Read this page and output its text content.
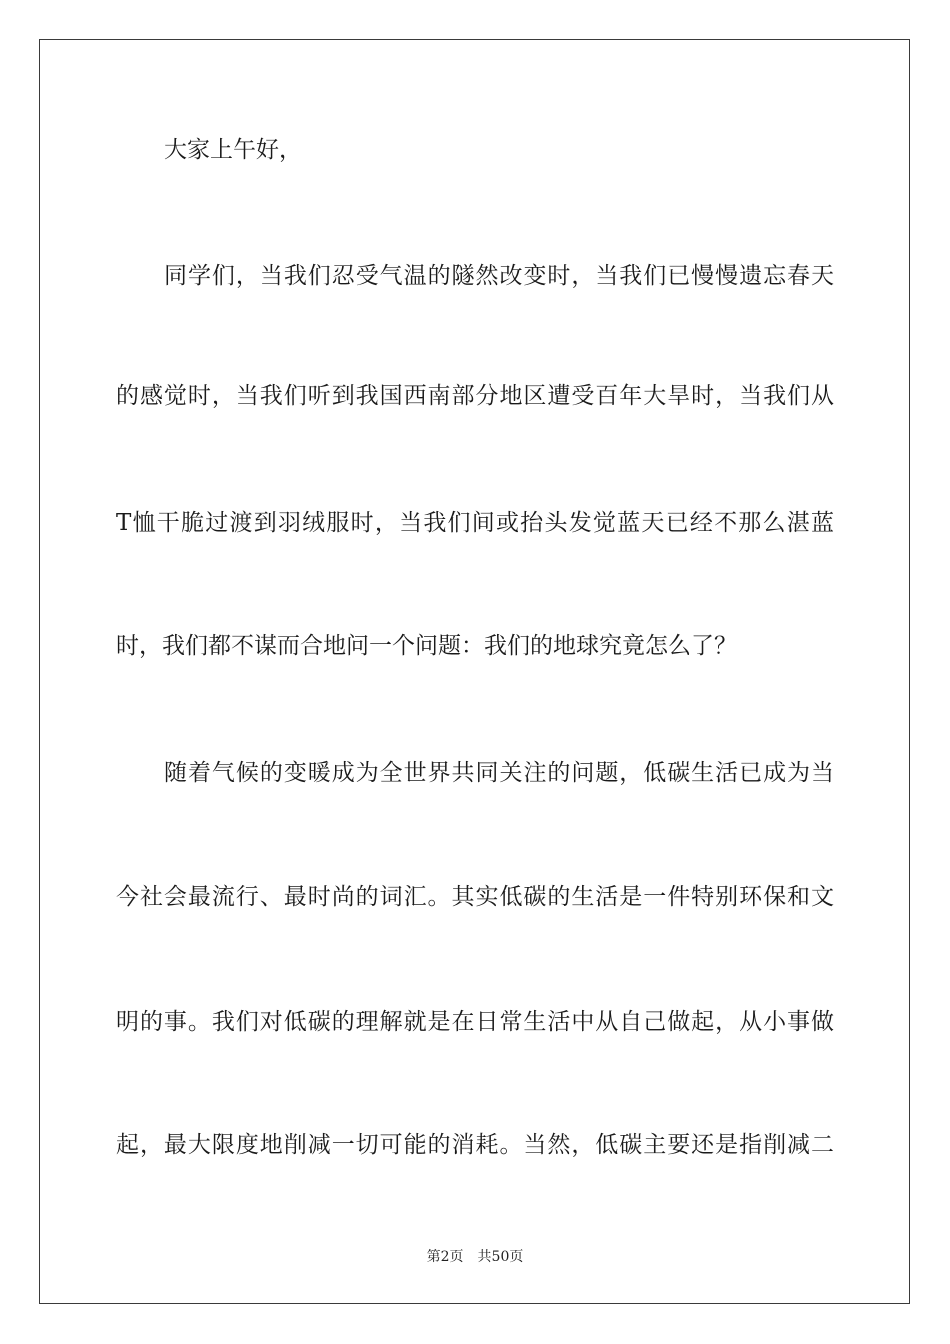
大家上午好，
同学们，当我们忍受气温的隧然改变时，当我们已慢慢遗忘春天
的感觉时，当我们听到我国西南部分地区遭受百年大旱时，当我们从
T恤干脆过渡到羽绒服时，当我们间或抬头发觉蓝天已经不那么湛蓝
时，我们都不谋而合地问一个问题：我们的地球究竟怎么了？
随着气候的变暖成为全世界共同关注的问题，低碳生活已成为当
今社会最流行、最时尚的词汇。其实低碳的生活是一件特别环保和文
明的事。我们对低碳的理解就是在日常生活中从自己做起，从小事做
起，最大限度地削减一切可能的消耗。当然，低碳主要还是指削减二
第2页 共50页
